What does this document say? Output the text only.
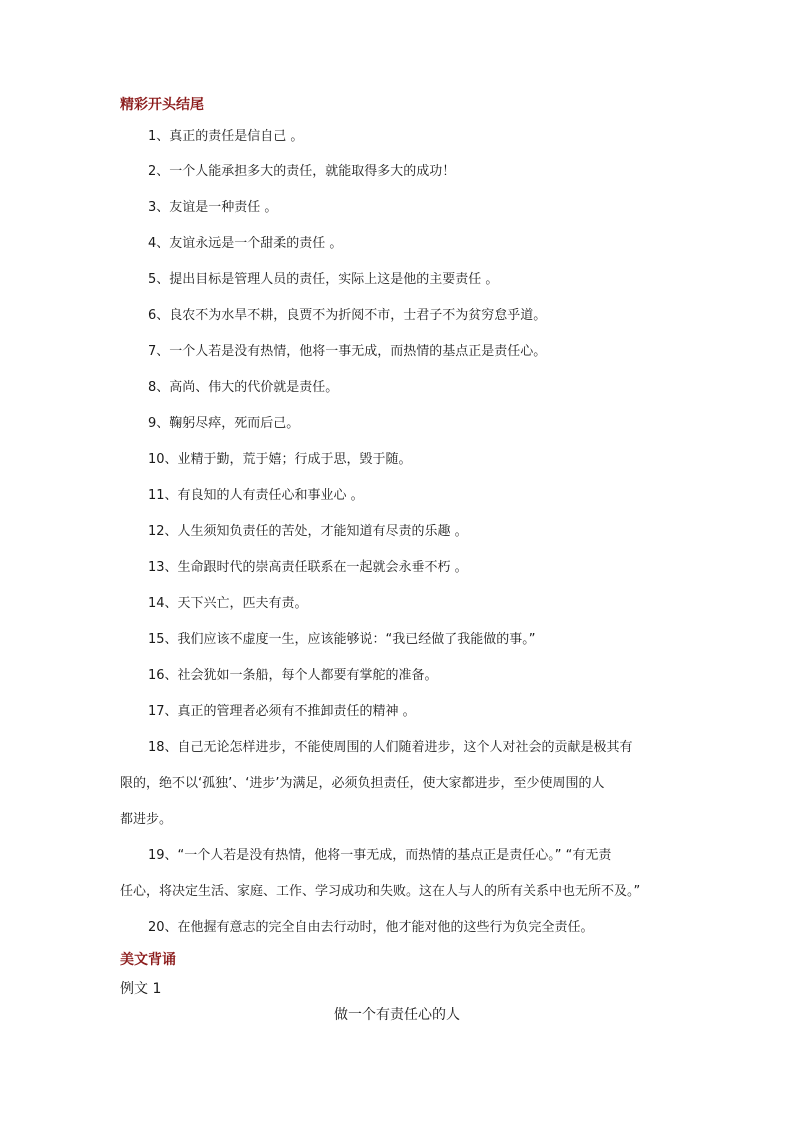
精彩开头结尾
1、真正的责任是信自己 。
2、一个人能承担多大的责任，就能取得多大的成功！
3、友谊是一种责任 。
4、友谊永远是一个甜柔的责任 。
5、提出目标是管理人员的责任，实际上这是他的主要责任 。
6、良农不为水旱不耕，良贾不为折阅不市，士君子不为贫穷怠乎道。
7、一个人若是没有热情，他将一事无成，而热情的基点正是责任心。
8、高尚、伟大的代价就是责任。
9、鞠躬尽瘁，死而后己。
10、业精于勤，荒于嬉；行成于思，毁于随。
11、有良知的人有责任心和事业心 。
12、人生须知负责任的苦处，才能知道有尽责的乐趣 。
13、生命跟时代的崇高责任联系在一起就会永垂不朽 。
14、天下兴亡，匹夫有责。
15、我们应该不虚度一生，应该能够说：“我已经做了我能做的事。”
16、社会犹如一条船，每个人都要有掌舵的准备。
17、真正的管理者必须有不推卸责任的精神 。
18、自己无论怎样进步，不能使周围的人们随着进步，这个人对社会的贡献是极其有
限的，绝不以‘孤独’、‘进步’为满足，必须负担责任，使大家都进步，至少使周围的人
都进步。
19、“一个人若是没有热情，他将一事无成，而热情的基点正是责任心。” “有无责
任心，将决定生活、家庭、工作、学习成功和失败。这在人与人的所有关系中也无所不及。”
20、在他握有意志的完全自由去行动时，他才能对他的这些行为负完全责任。
美文背诵
例文 1
做一个有责任心的人
